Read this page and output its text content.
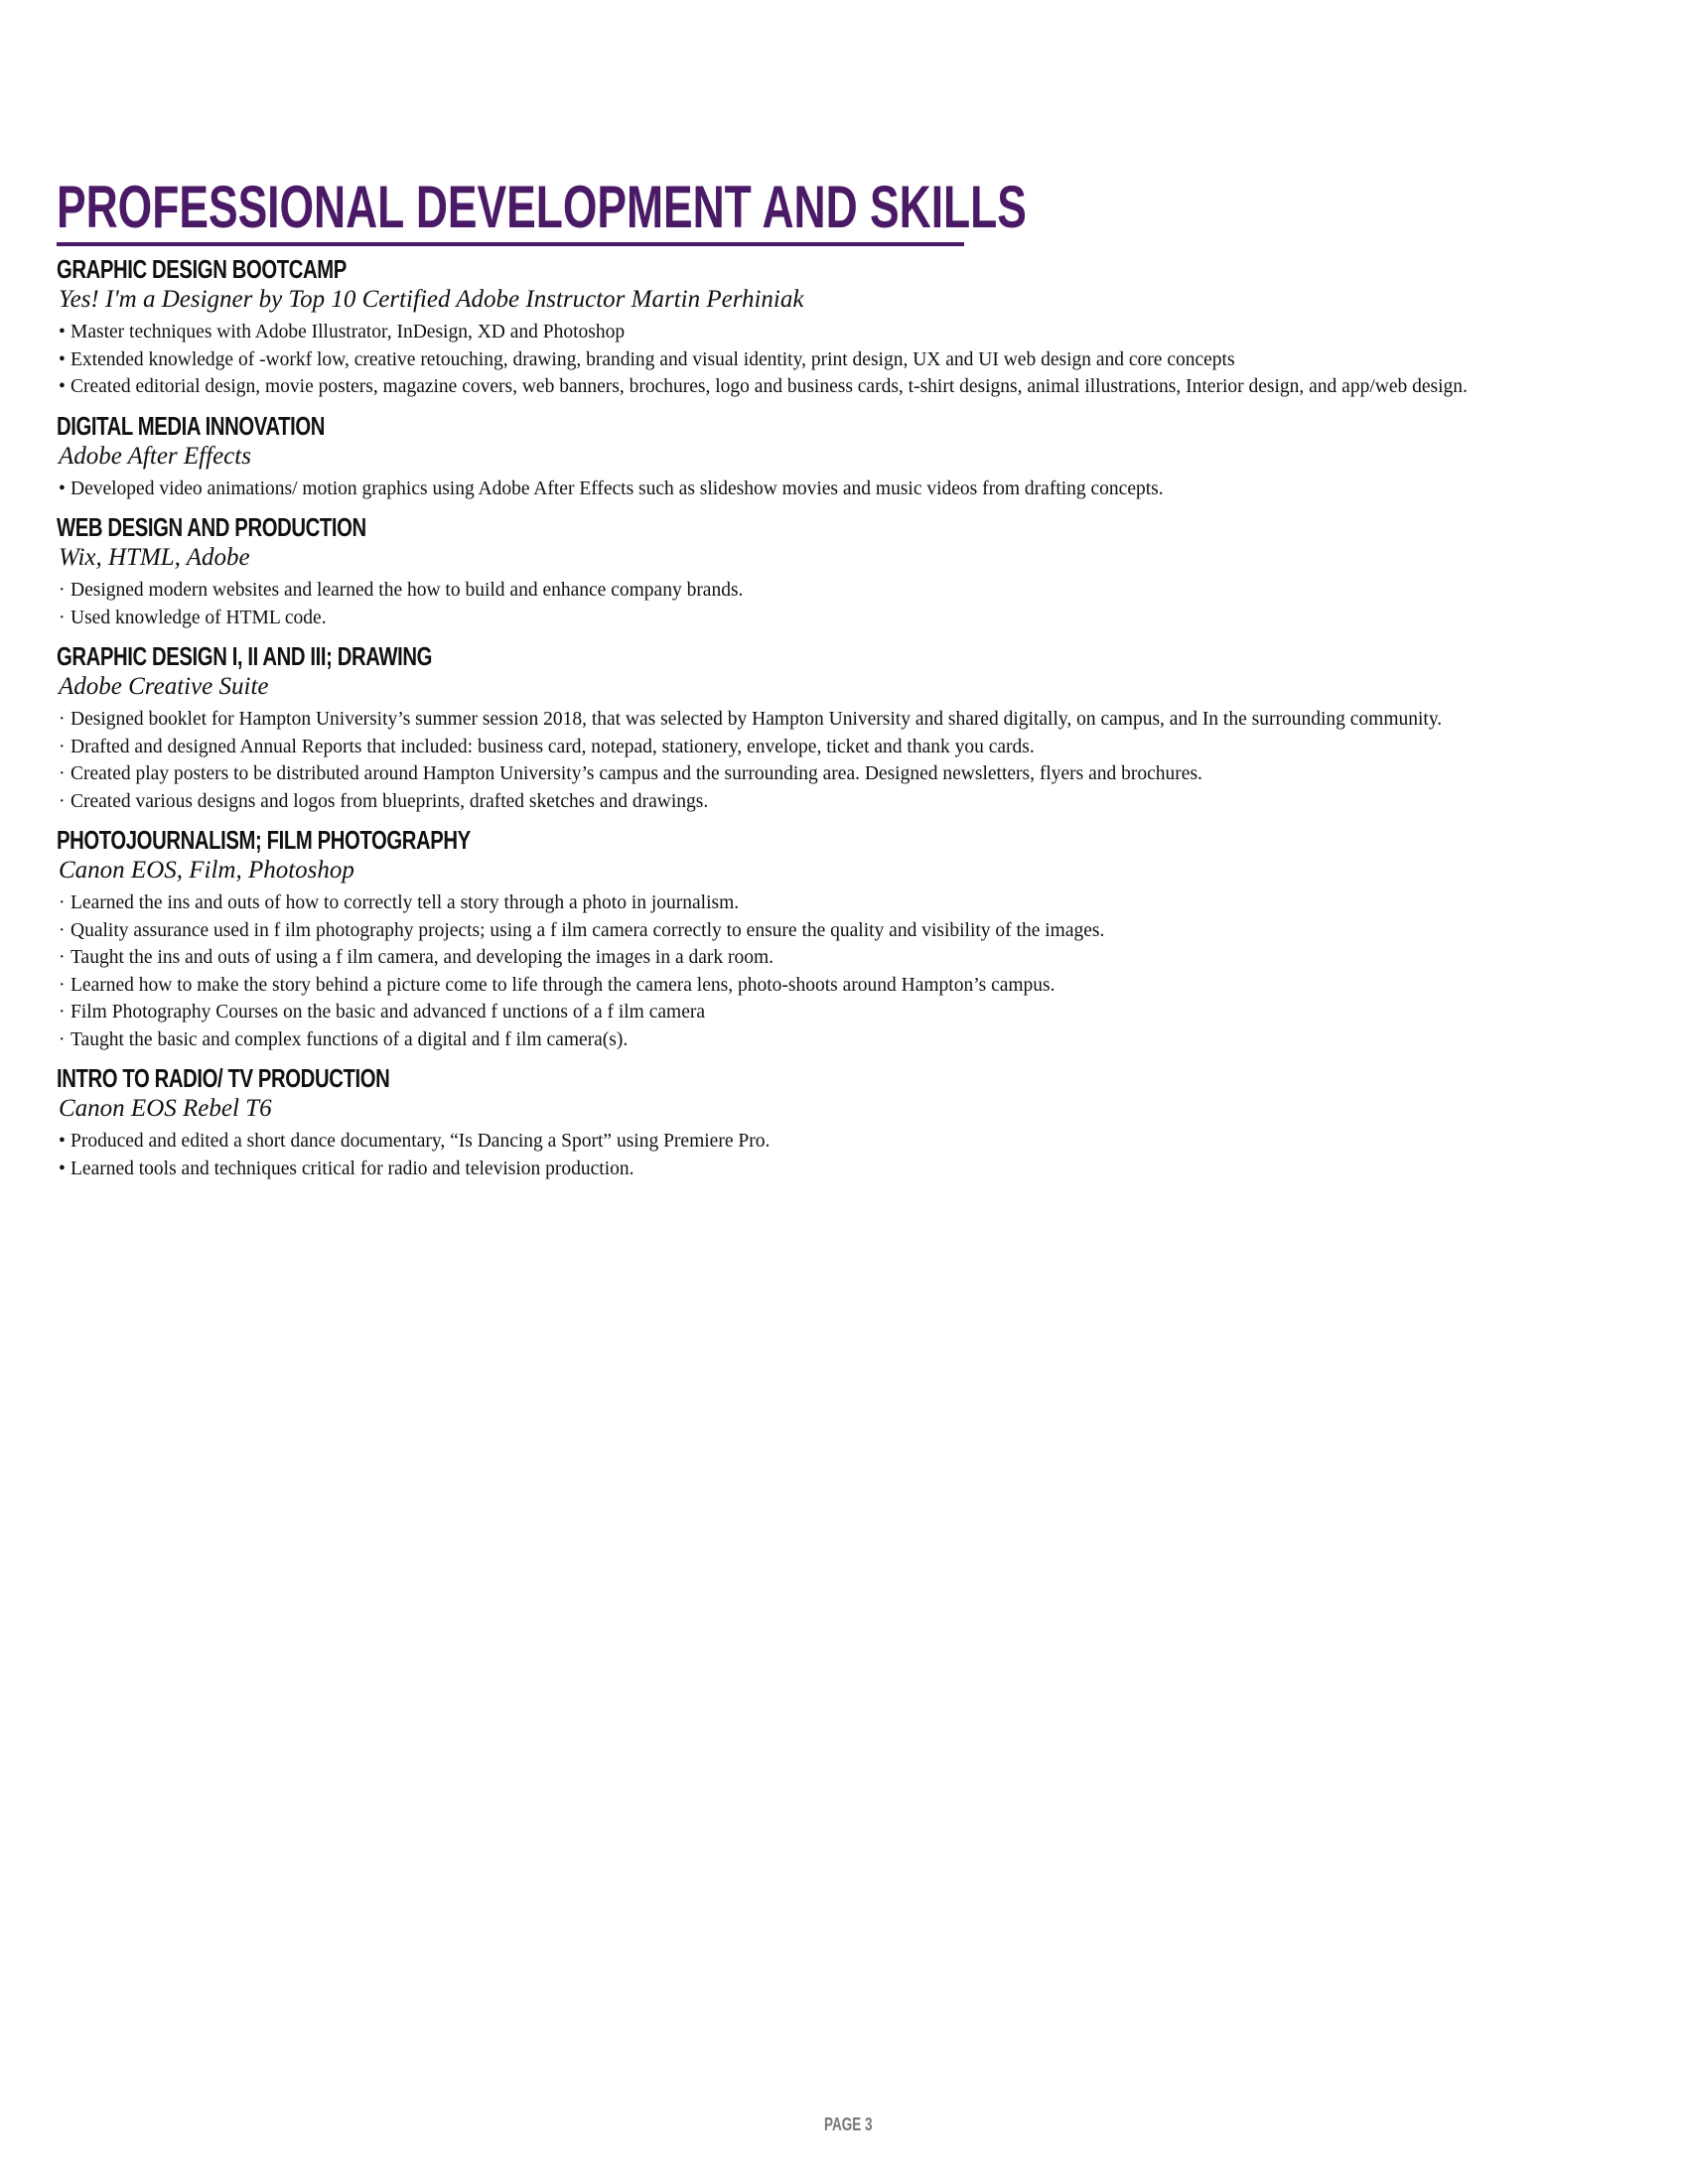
PROFESSIONAL DEVELOPMENT AND SKILLS
GRAPHIC DESIGN BOOTCAMP
Yes! I'm a Designer by Top 10 Certified Adobe Instructor Martin Perhiniak
• Master techniques with Adobe Illustrator, InDesign, XD and Photoshop
• Extended knowledge of -workf low, creative retouching, drawing, branding and visual identity, print design, UX and UI web design and core concepts
• Created editorial design, movie posters, magazine covers, web banners, brochures, logo and business cards, t-shirt designs, animal illustrations, Interior design, and app/web design.
DIGITAL MEDIA INNOVATION
Adobe After Effects
• Developed video animations/ motion graphics using Adobe After Effects such as slideshow movies and music videos from drafting concepts.
WEB DESIGN AND PRODUCTION
Wix, HTML, Adobe
· Designed modern websites and learned the how to build and enhance company brands.
· Used knowledge of HTML code.
GRAPHIC DESIGN I, II AND III; DRAWING
Adobe Creative Suite
· Designed booklet for Hampton University’s summer session 2018, that was selected by Hampton University and shared digitally, on campus, and In the surrounding community.
· Drafted and designed Annual Reports that included: business card, notepad, stationery, envelope, ticket and thank you cards.
· Created play posters to be distributed around Hampton University’s campus and the surrounding area. Designed newsletters, flyers and brochures.
· Created various designs and logos from blueprints, drafted sketches and drawings.
PHOTOJOURNALISM; FILM PHOTOGRAPHY
Canon EOS, Film, Photoshop
· Learned the ins and outs of how to correctly tell a story through a photo in journalism.
· Quality assurance used in f ilm photography projects; using a f ilm camera correctly to ensure the quality and visibility of the images.
· Taught the ins and outs of using a f ilm camera, and developing the images in a dark room.
· Learned how to make the story behind a picture come to life through the camera lens, photo-shoots around Hampton’s campus.
· Film Photography Courses on the basic and advanced f unctions of a f ilm camera
· Taught the basic and complex functions of a digital and f ilm camera(s).
INTRO TO RADIO/ TV PRODUCTION
Canon EOS Rebel T6
• Produced and edited a short dance documentary, “Is Dancing a Sport” using Premiere Pro.
• Learned tools and techniques critical for radio and television production.
PAGE 3
